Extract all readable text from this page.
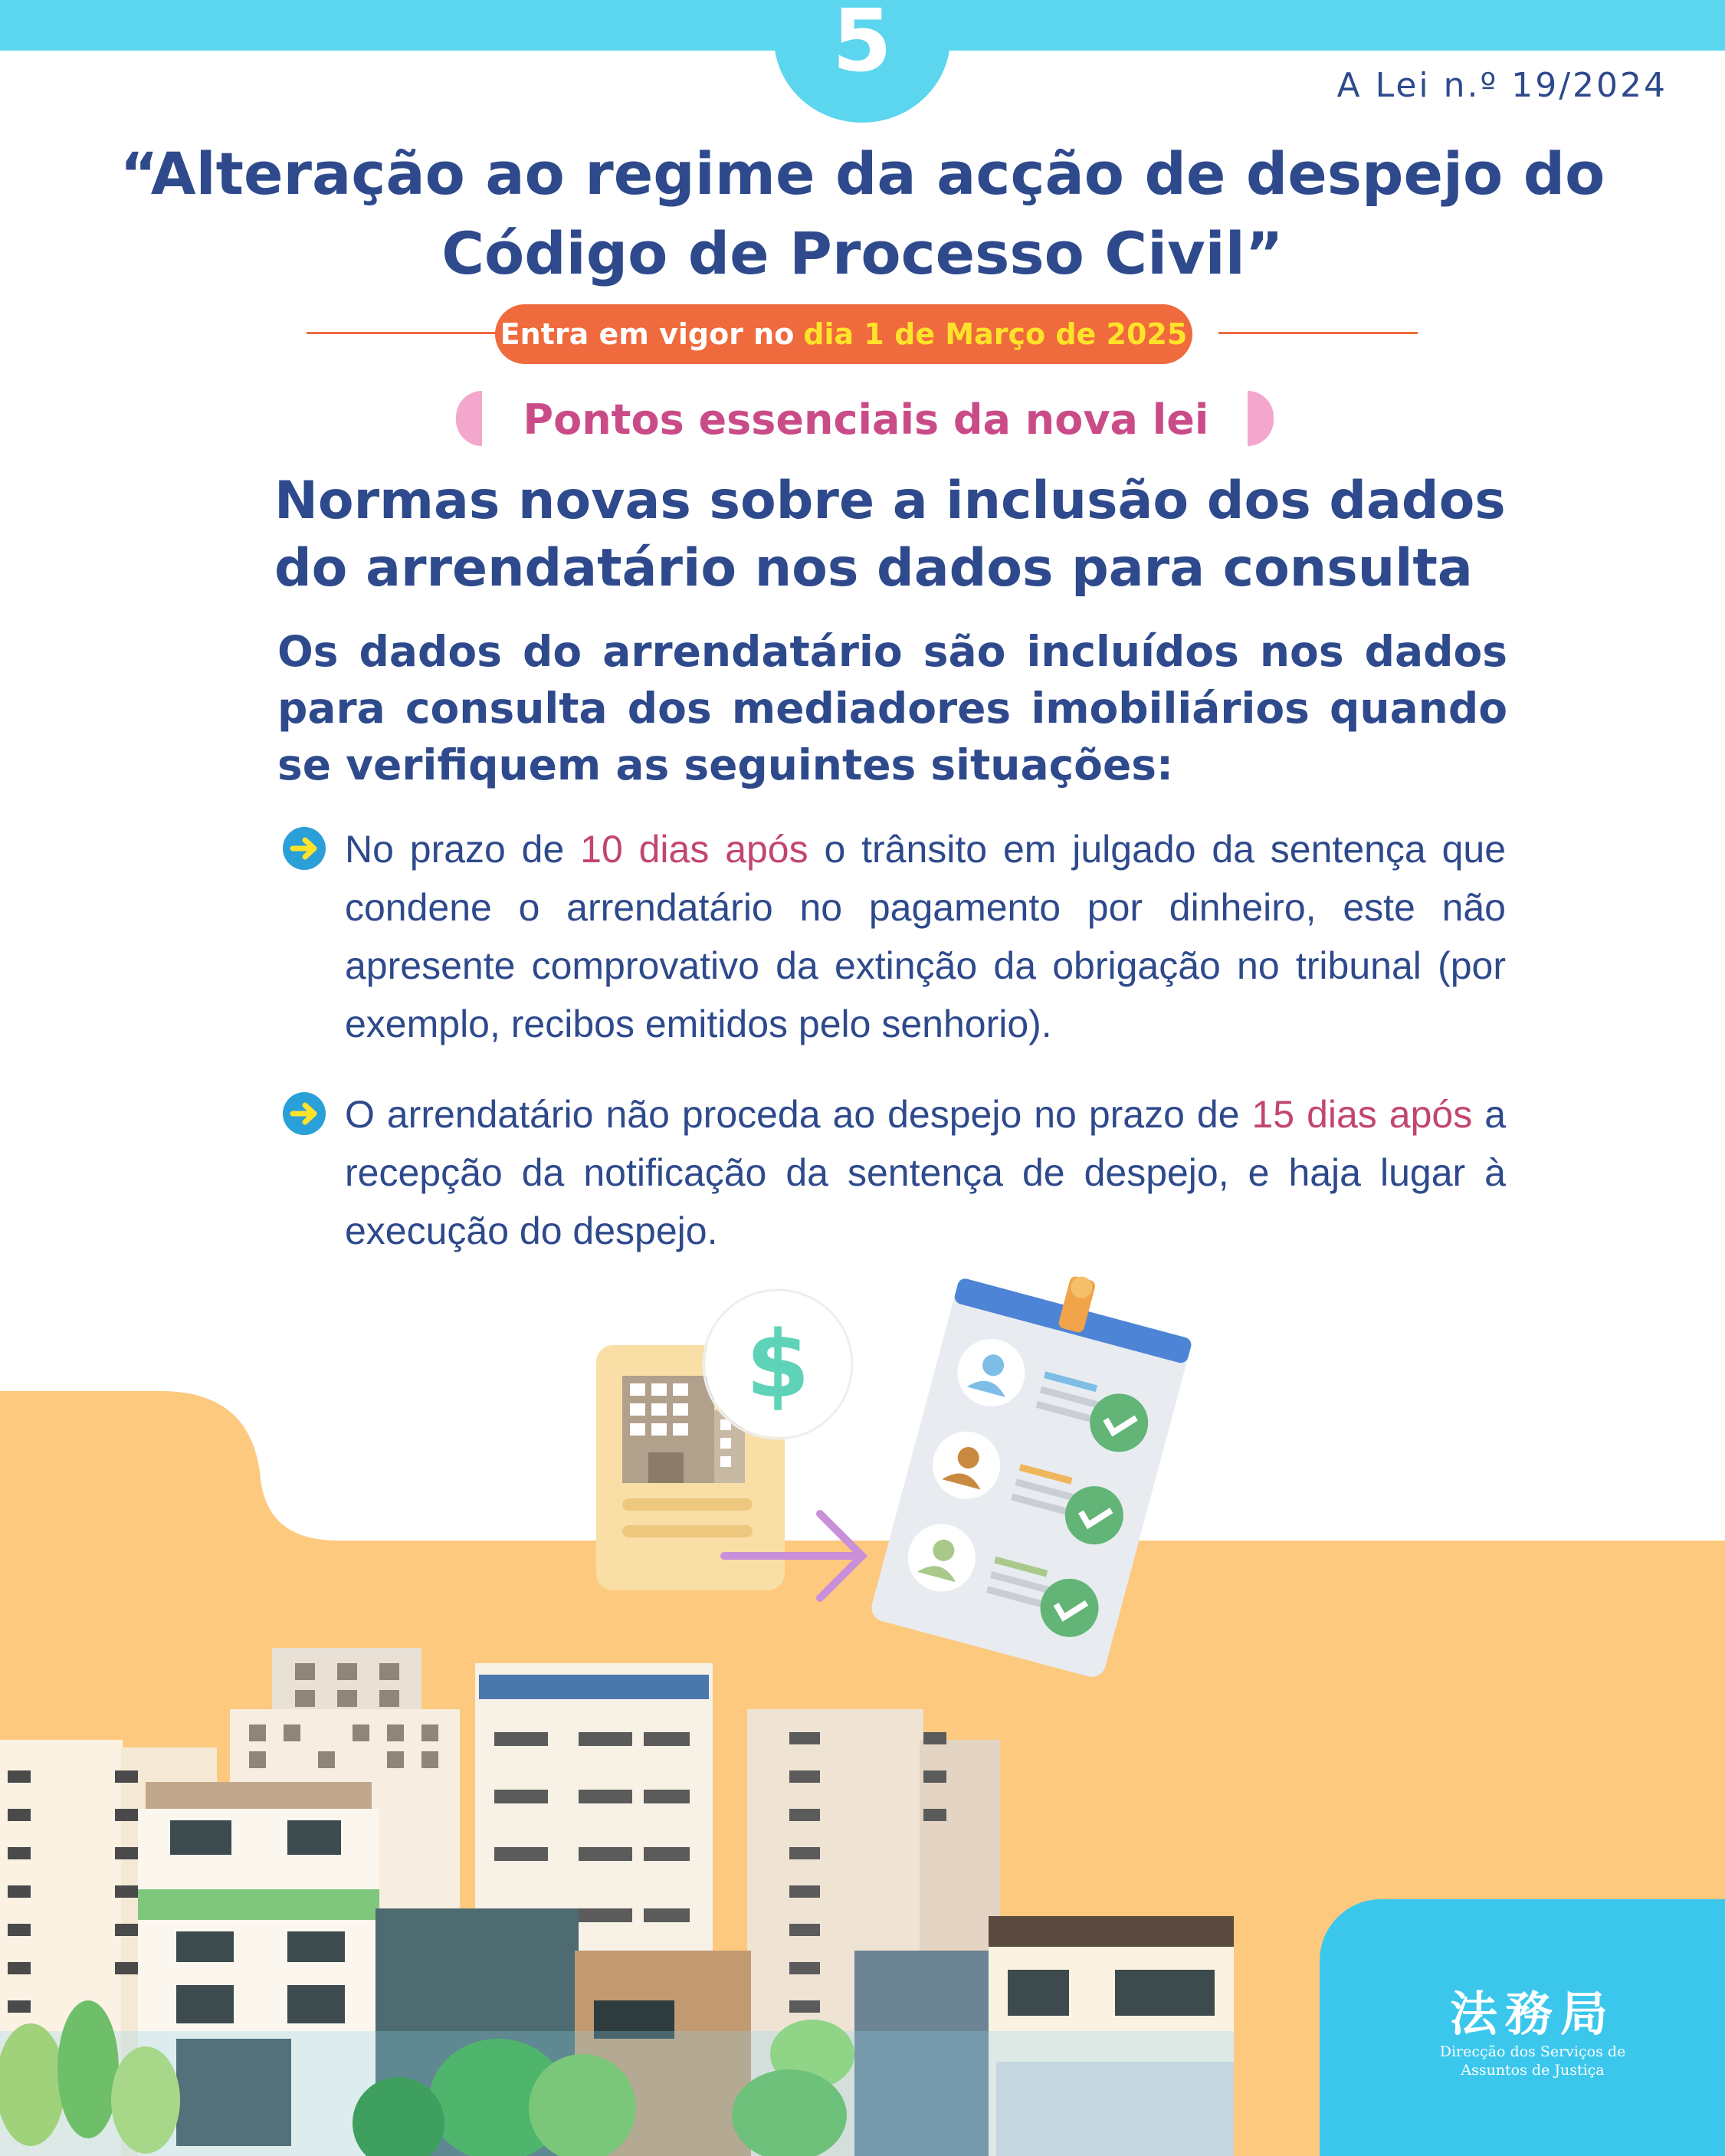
5	A Lei n.º 19/2024
“Alteração ao regime da acção de despejo do Código de Processo Civil”
Entra em vigor no dia 1 de Março de 2025
Pontos essenciais da nova lei
Normas novas sobre a inclusão dos dados do arrendatário nos dados para consulta
Os dados do arrendatário são incluídos nos dados para consulta dos mediadores imobiliários quando se verifiquem as seguintes situações:
No prazo de 10 dias após o trânsito em julgado da sentença que condene o arrendatário no pagamento por dinheiro, este não apresente comprovativo da extinção da obrigação no tribunal (por exemplo, recibos emitidos pelo senhorio).
O arrendatário não proceda ao despejo no prazo de 15 dias após a recepção da notificação da sentença de despejo, e haja lugar à execução do despejo.
$
法務局
Direcção dos Serviços de
Assuntos de Justiça
